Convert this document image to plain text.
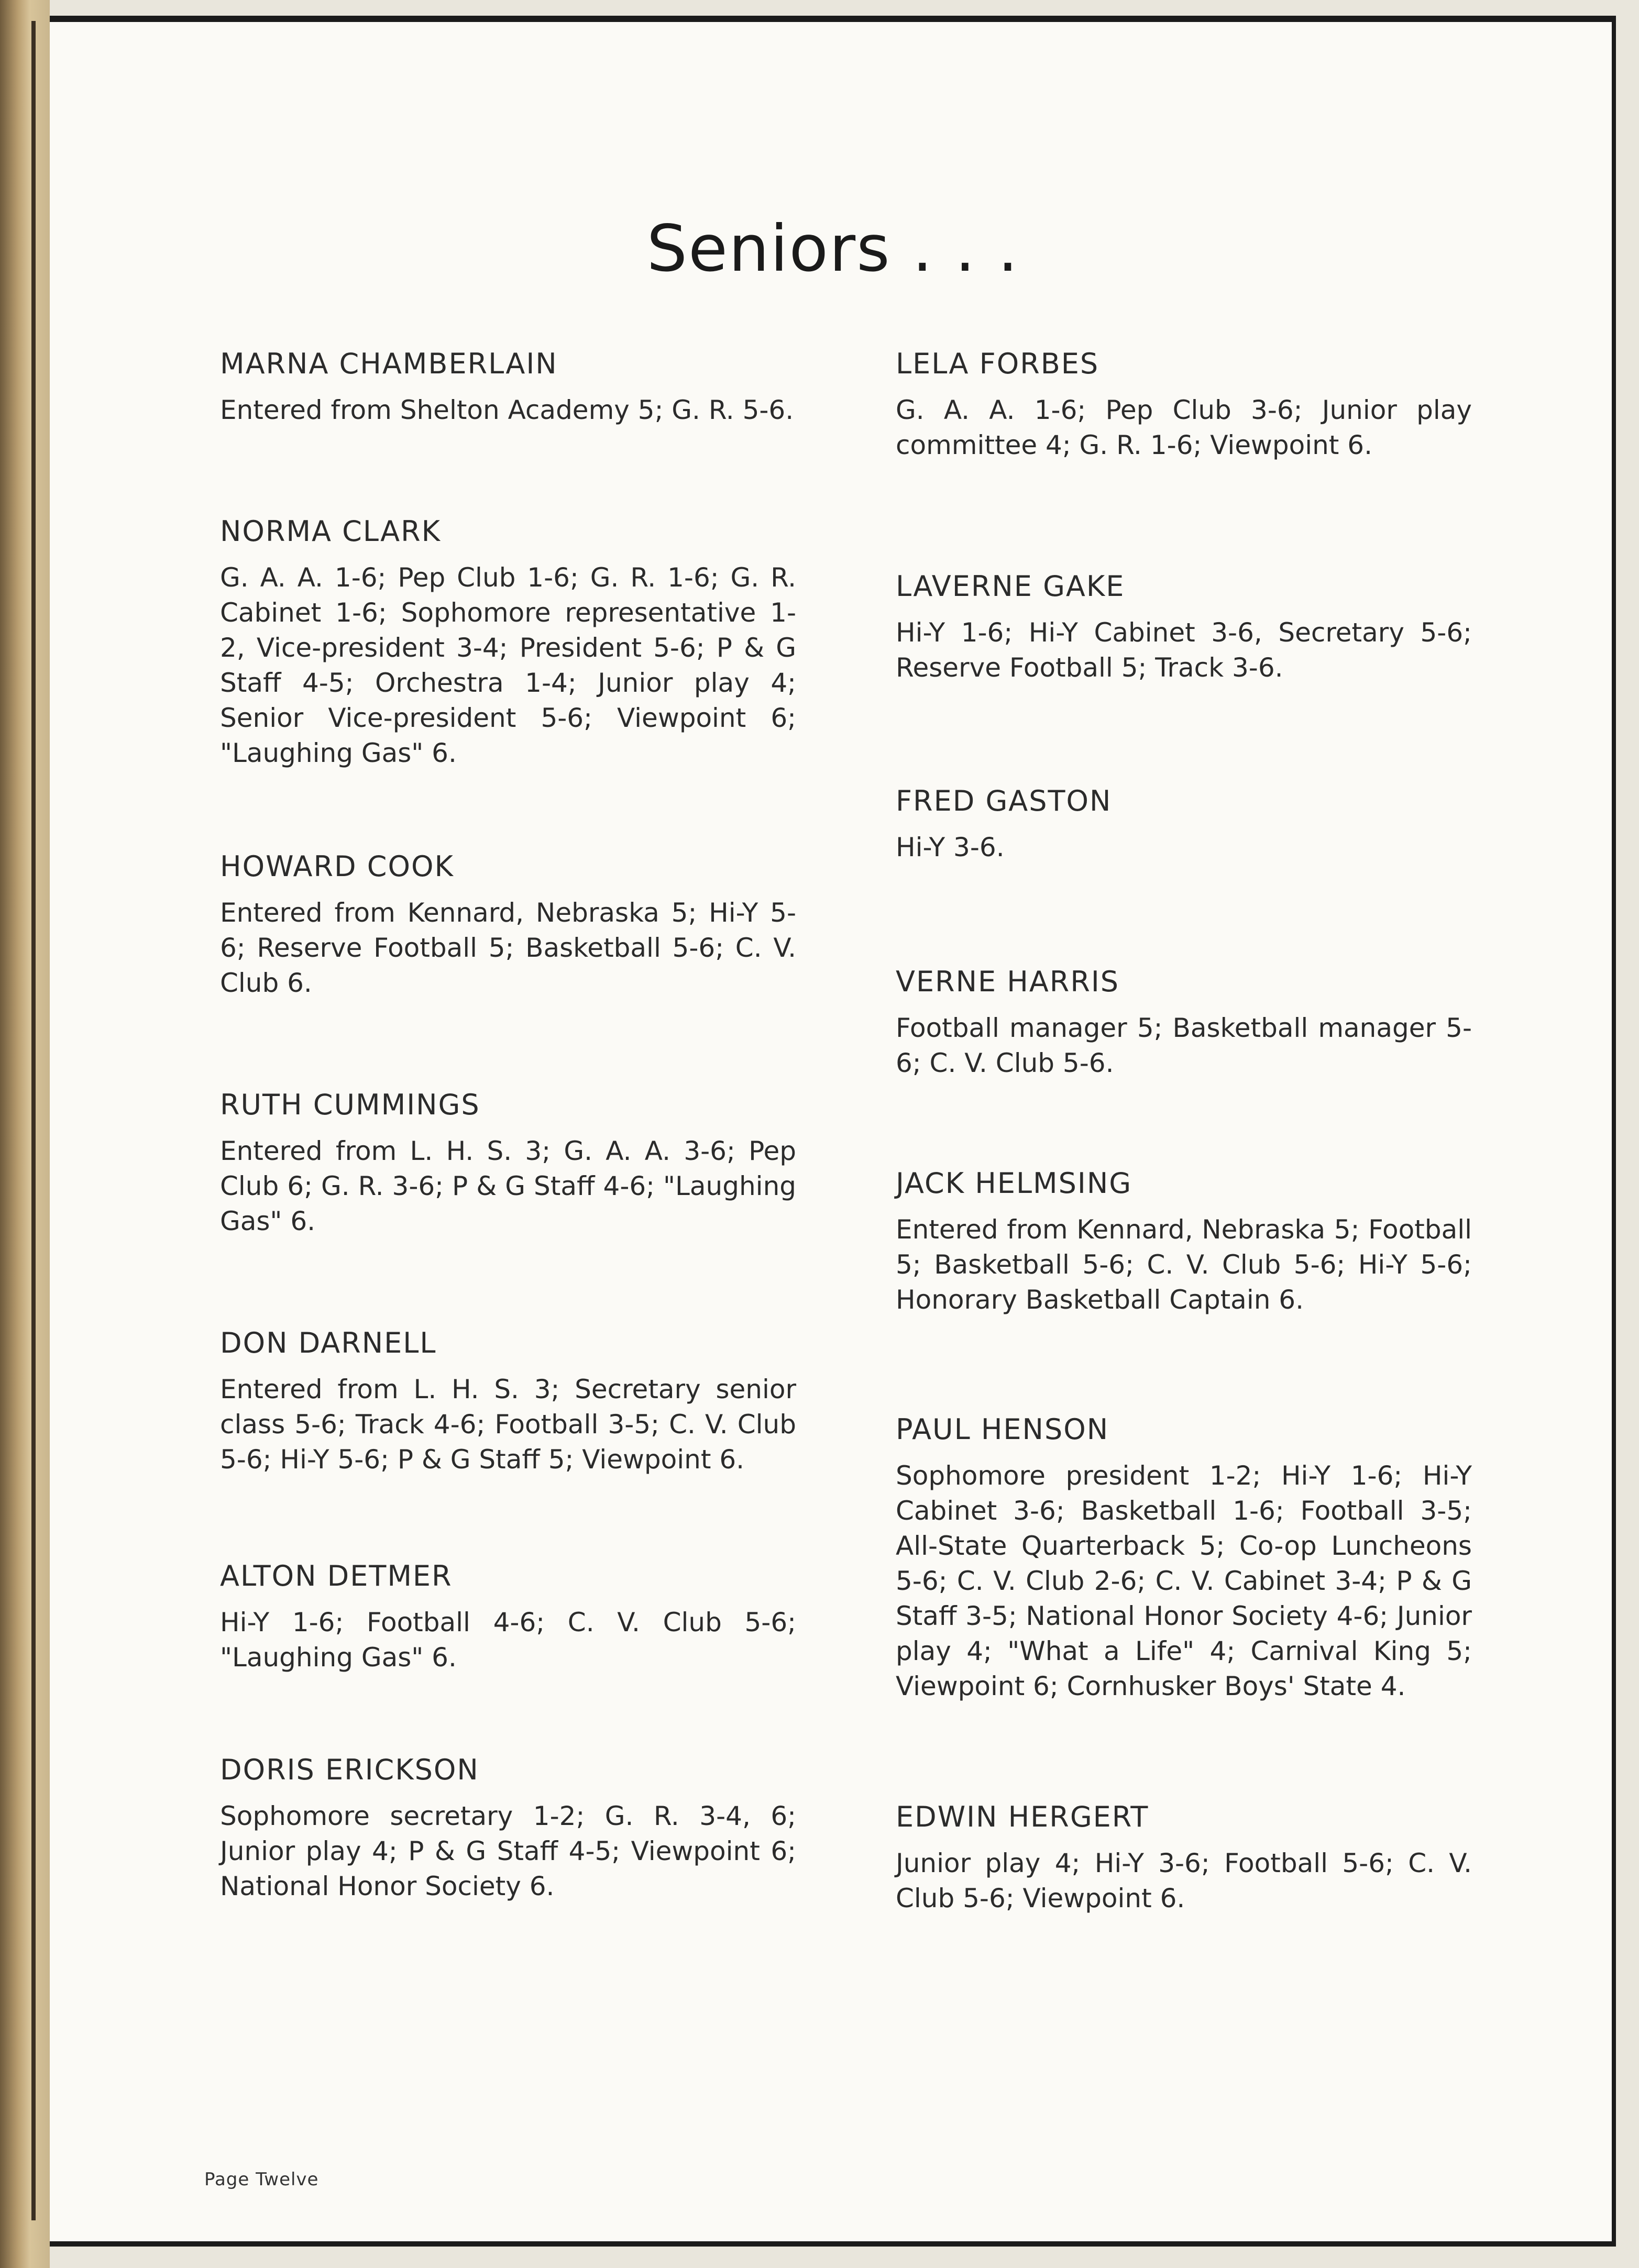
Seniors . . .
MARNA CHAMBERLAIN
Entered from Shelton Academy 5; G. R. 5-6.
NORMA CLARK
G. A. A. 1-6; Pep Club 1-6; G. R. 1-6; G. R. Cabinet 1-6; Sophomore representative 1-2, Vice-president 3-4; President 5-6; P & G Staff 4-5; Orchestra 1-4; Junior play 4; Senior Vice-president 5-6; Viewpoint 6; "Laughing Gas" 6.
HOWARD COOK
Entered from Kennard, Nebraska 5; Hi-Y 5-6; Reserve Football 5; Basketball 5-6; C. V. Club 6.
RUTH CUMMINGS
Entered from L. H. S. 3; G. A. A. 3-6; Pep Club 6; G. R. 3-6; P & G Staff 4-6; "Laughing Gas" 6.
DON DARNELL
Entered from L. H. S. 3; Secretary senior class 5-6; Track 4-6; Football 3-5; C. V. Club 5-6; Hi-Y 5-6; P & G Staff 5; Viewpoint 6.
ALTON DETMER
Hi-Y 1-6; Football 4-6; C. V. Club 5-6; "Laughing Gas" 6.
DORIS ERICKSON
Sophomore secretary 1-2; G. R. 3-4, 6; Junior play 4; P & G Staff 4-5; Viewpoint 6; National Honor Society 6.
LELA FORBES
G. A. A. 1-6; Pep Club 3-6; Junior play committee 4; G. R. 1-6; Viewpoint 6.
LAVERNE GAKE
Hi-Y 1-6; Hi-Y Cabinet 3-6, Secretary 5-6; Reserve Football 5; Track 3-6.
FRED GASTON
Hi-Y 3-6.
VERNE HARRIS
Football manager 5; Basketball manager 5-6; C. V. Club 5-6.
JACK HELMSING
Entered from Kennard, Nebraska 5; Football 5; Basketball 5-6; C. V. Club 5-6; Hi-Y 5-6; Honorary Basketball Captain 6.
PAUL HENSON
Sophomore president 1-2; Hi-Y 1-6; Hi-Y Cabinet 3-6; Basketball 1-6; Football 3-5; All-State Quarterback 5; Co-op Luncheons 5-6; C. V. Club 2-6; C. V. Cabinet 3-4; P & G Staff 3-5; National Honor Society 4-6; Junior play 4; "What a Life" 4; Carnival King 5; Viewpoint 6; Cornhusker Boys' State 4.
EDWIN HERGERT
Junior play 4; Hi-Y 3-6; Football 5-6; C. V. Club 5-6; Viewpoint 6.
Page Twelve
